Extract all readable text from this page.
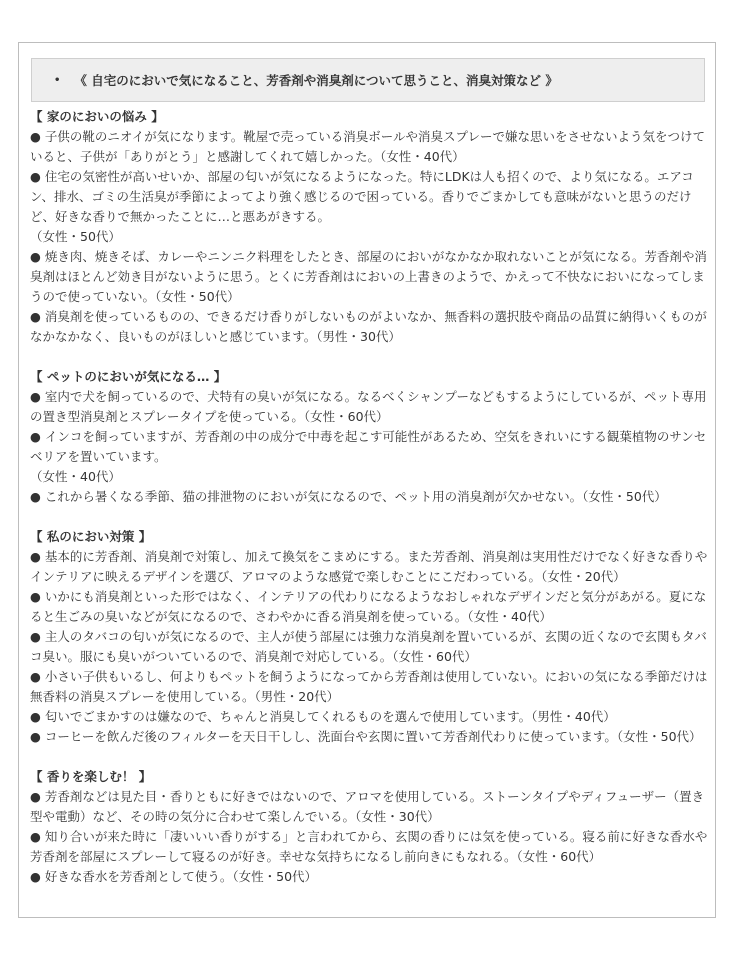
• 《 自宅のにおいで気になること、芳香剤や消臭剤について思うこと、消臭対策など 》

【 家のにおいの悩み 】

● 子供の靴のニオイが気になります。靴屋で売っている消臭ボールや消臭スプレーで嫌な思いをさせないよう気をつけていると、子供が「ありがとう」と感謝してくれて嬉しかった。（女性・40代）

● 住宅の気密性が高いせいか、部屋の匂いが気になるようになった。特にLDKは人も招くので、より気になる。エアコン、排水、ゴミの生活臭が季節によってより強く感じるので困っている。香りでごまかしても意味がないと思うのだけど、好きな香りで無かったことに…と悪あがきする。

（女性・50代）

● 焼き肉、焼きそば、カレーやニンニク料理をしたとき、部屋のにおいがなかなか取れないことが気になる。芳香剤や消臭剤はほとんど効き目がないように思う。とくに芳香剤はにおいの上書きのようで、かえって不快なにおいになってしまうので使っていない。（女性・50代）

● 消臭剤を使っているものの、できるだけ香りがしないものがよいなか、無香料の選択肢や商品の品質に納得いくものがなかなかなく、良いものがほしいと感じています。（男性・30代）

【 ペットのにおいが気になる… 】

● 室内で犬を飼っているので、犬特有の臭いが気になる。なるべくシャンプーなどもするようにしているが、ペット専用の置き型消臭剤とスプレータイプを使っている。（女性・60代）

● インコを飼っていますが、芳香剤の中の成分で中毒を起こす可能性があるため、空気をきれいにする観葉植物のサンセベリアを置いています。

（女性・40代）

● これから暑くなる季節、猫の排泄物のにおいが気になるので、ペット用の消臭剤が欠かせない。（女性・50代）

【 私のにおい対策 】

● 基本的に芳香剤、消臭剤で対策し、加えて換気をこまめにする。また芳香剤、消臭剤は実用性だけでなく好きな香りやインテリアに映えるデザインを選び、アロマのような感覚で楽しむことにこだわっている。（女性・20代）

● いかにも消臭剤といった形ではなく、インテリアの代わりになるようなおしゃれなデザインだと気分があがる。夏になると生ごみの臭いなどが気になるので、さわやかに香る消臭剤を使っている。（女性・40代）

● 主人のタバコの匂いが気になるので、主人が使う部屋には強力な消臭剤を置いているが、玄関の近くなので玄関もタバコ臭い。服にも臭いがついているので、消臭剤で対応している。（女性・60代）

● 小さい子供もいるし、何よりもペットを飼うようになってから芳香剤は使用していない。においの気になる季節だけは無香料の消臭スプレーを使用している。（男性・20代）

● 匂いでごまかすのは嫌なので、ちゃんと消臭してくれるものを選んで使用しています。（男性・40代）

● コーヒーを飲んだ後のフィルターを天日干しし、洗面台や玄関に置いて芳香剤代わりに使っています。（女性・50代）

【 香りを楽しむ！ 】

● 芳香剤などは見た目・香りともに好きではないので、アロマを使用している。ストーンタイプやディフューザー（置き型や電動）など、その時の気分に合わせて楽しんでいる。（女性・30代）

● 知り合いが来た時に「凄いいい香りがする」と言われてから、玄関の香りには気を使っている。寝る前に好きな香水や芳香剤を部屋にスプレーして寝るのが好き。幸せな気持ちになるし前向きにもなれる。（女性・60代）

● 好きな香水を芳香剤として使う。（女性・50代）
